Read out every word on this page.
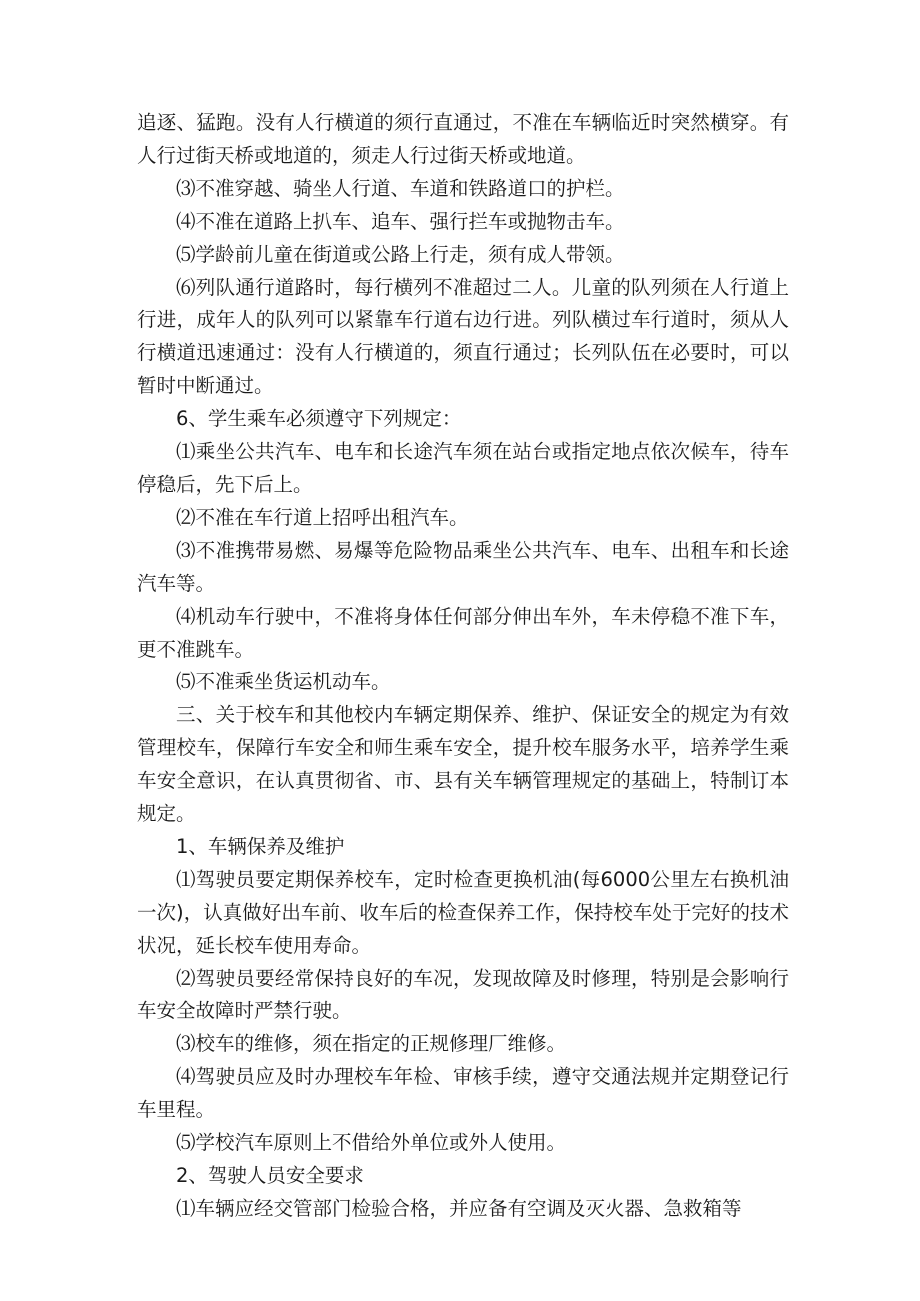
追逐、猛跑。没有人行横道的须行直通过，不准在车辆临近时突然横穿。有人行过街天桥或地道的，须走人行过街天桥或地道。

⑶不准穿越、骑坐人行道、车道和铁路道口的护栏。

⑷不准在道路上扒车、追车、强行拦车或抛物击车。

⑸学龄前儿童在街道或公路上行走，须有成人带领。

⑹列队通行道路时，每行横列不准超过二人。儿童的队列须在人行道上行进，成年人的队列可以紧靠车行道右边行进。列队横过车行道时，须从人行横道迅速通过：没有人行横道的，须直行通过；长列队伍在必要时，可以暂时中断通过。

6、学生乘车必须遵守下列规定：

⑴乘坐公共汽车、电车和长途汽车须在站台或指定地点依次候车，待车停稳后，先下后上。

⑵不准在车行道上招呼出租汽车。

⑶不准携带易燃、易爆等危险物品乘坐公共汽车、电车、出租车和长途汽车等。

⑷机动车行驶中，不准将身体任何部分伸出车外，车未停稳不准下车，更不准跳车。

⑸不准乘坐货运机动车。

三、关于校车和其他校内车辆定期保养、维护、保证安全的规定为有效管理校车，保障行车安全和师生乘车安全，提升校车服务水平，培养学生乘车安全意识，在认真贯彻省、市、县有关车辆管理规定的基础上，特制订本规定。

1、车辆保养及维护

⑴驾驶员要定期保养校车，定时检查更换机油(每6000公里左右换机油一次)，认真做好出车前、收车后的检查保养工作，保持校车处于完好的技术状况，延长校车使用寿命。

⑵驾驶员要经常保持良好的车况，发现故障及时修理，特别是会影响行车安全故障时严禁行驶。

⑶校车的维修，须在指定的正规修理厂维修。

⑷驾驶员应及时办理校车年检、审核手续，遵守交通法规并定期登记行车里程。

⑸学校汽车原则上不借给外单位或外人使用。

2、驾驶人员安全要求

⑴车辆应经交管部门检验合格，并应备有空调及灭火器、急救箱等
